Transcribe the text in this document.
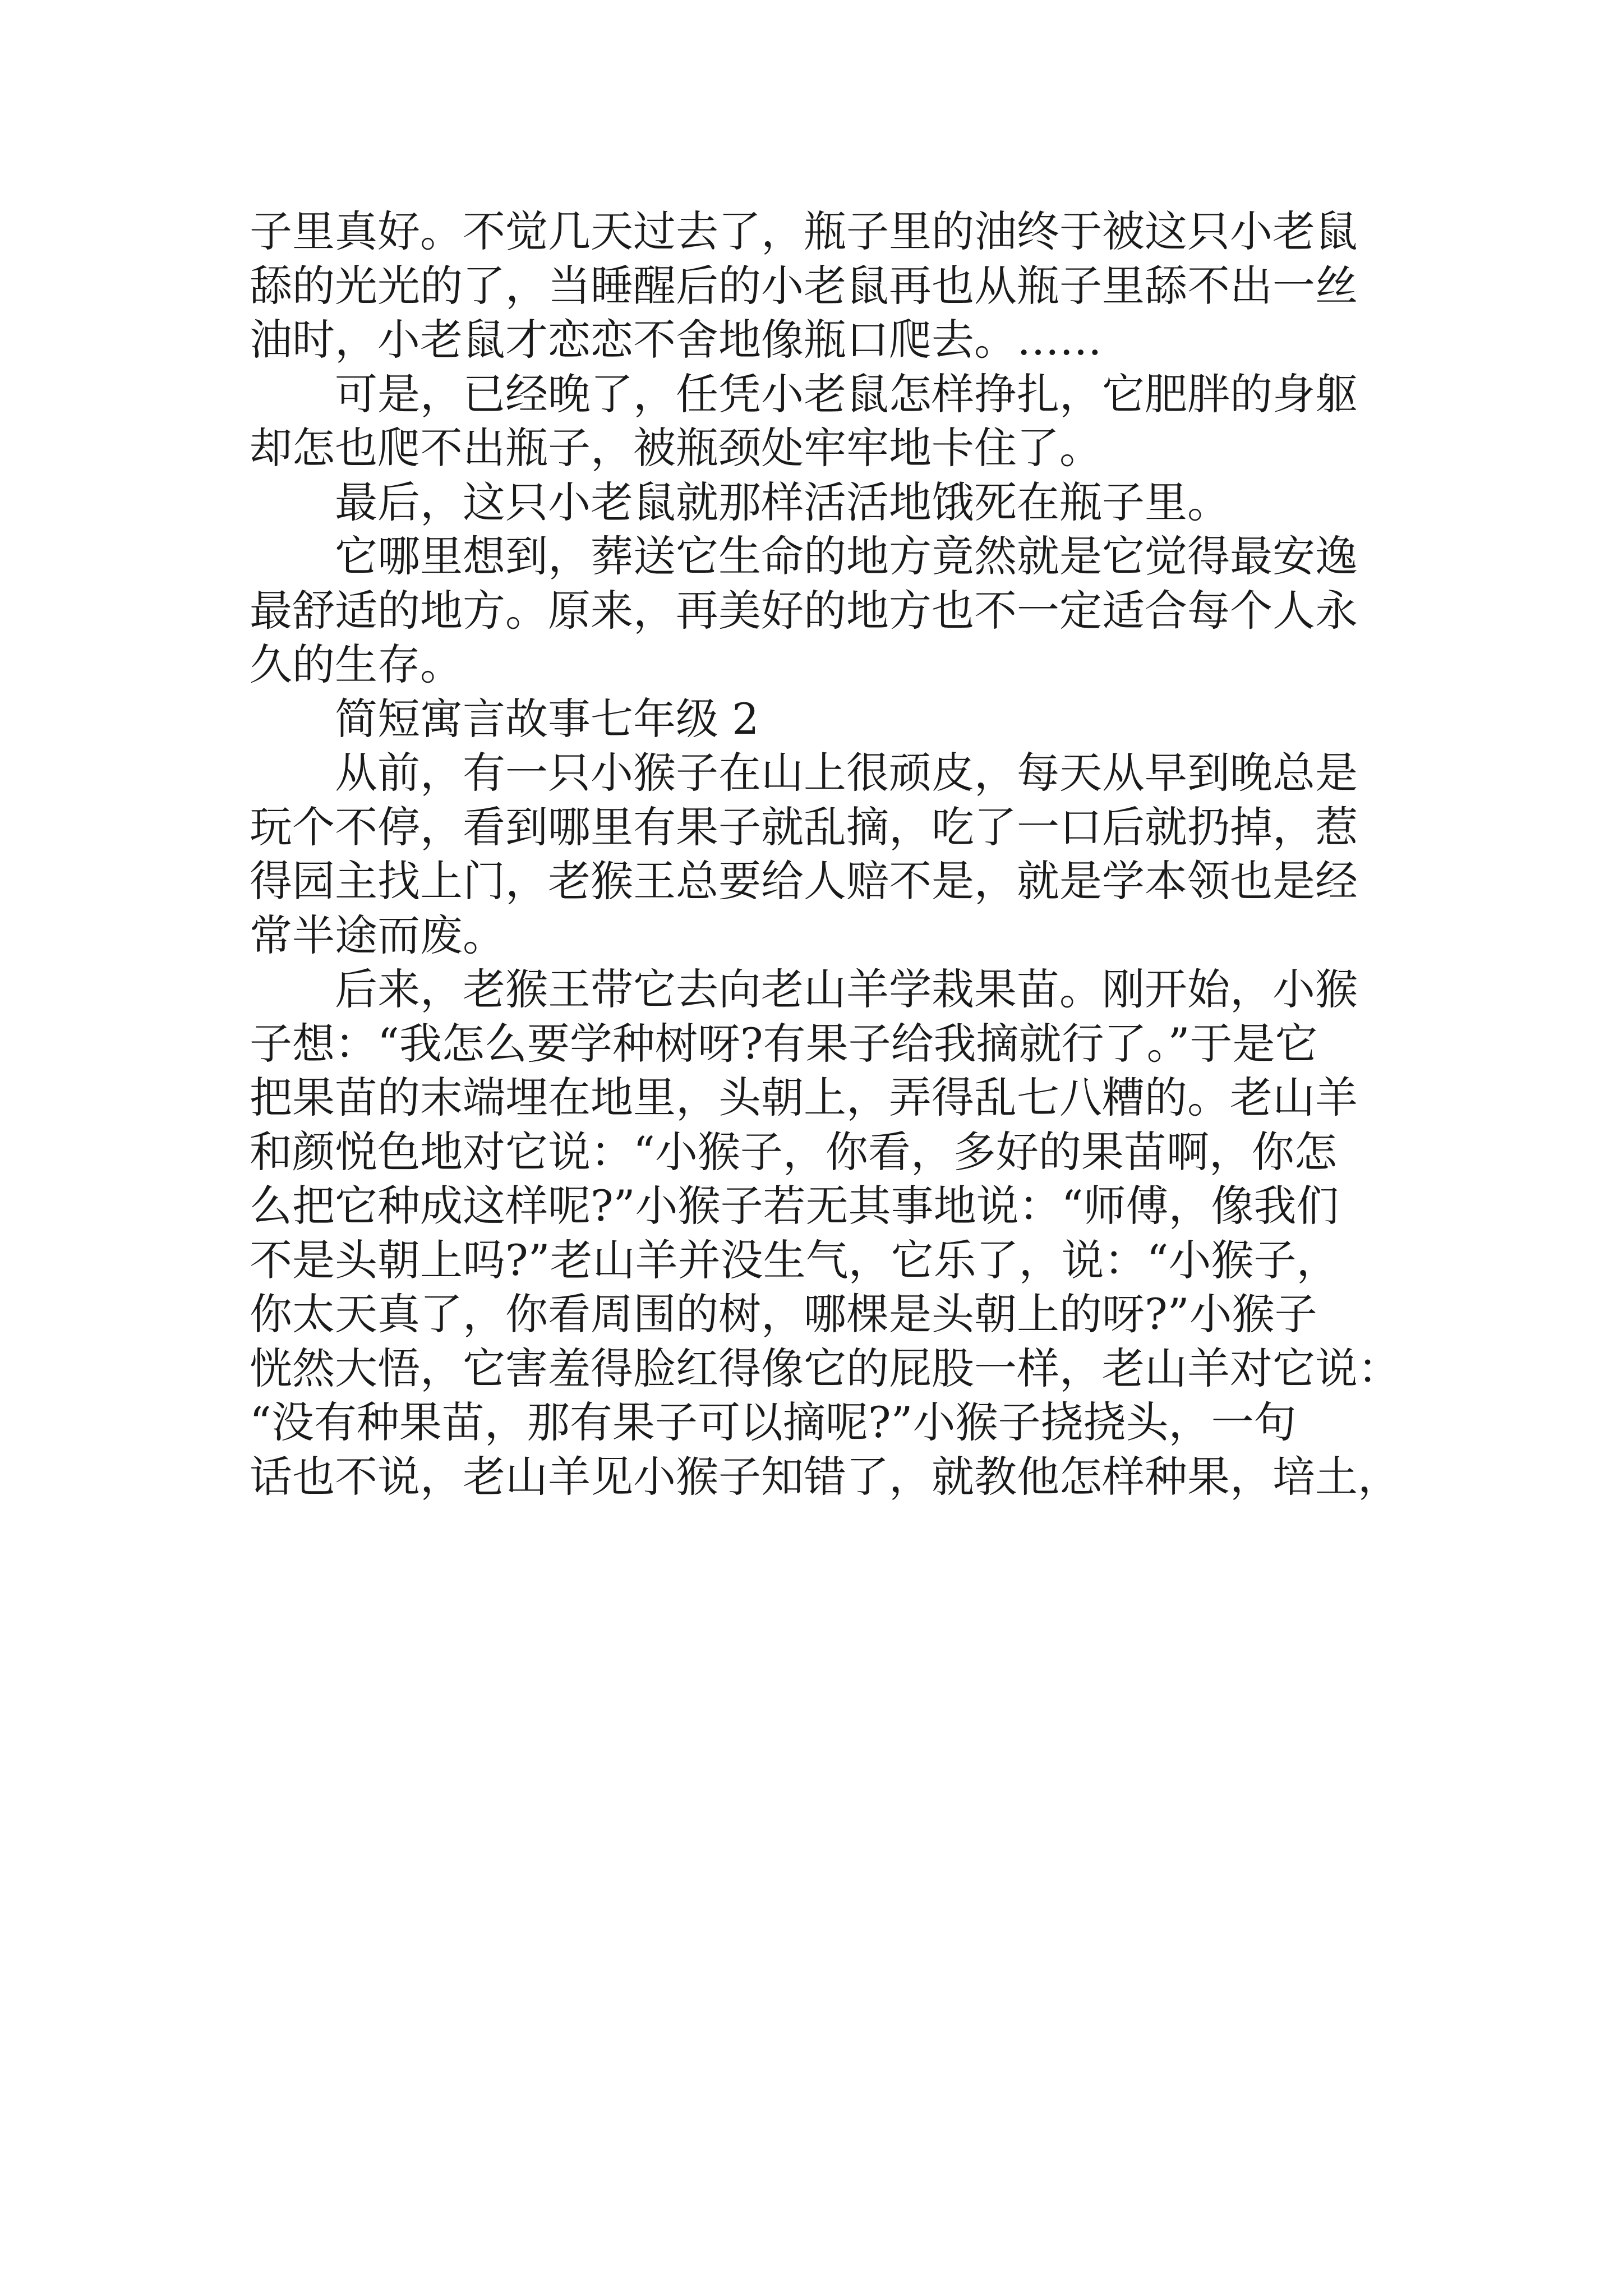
子里真好。不觉几天过去了，瓶子里的油终于被这只小老鼠
舔的光光的了，当睡醒后的小老鼠再也从瓶子里舔不出一丝
油时，小老鼠才恋恋不舍地像瓶口爬去。……
可是，已经晚了，任凭小老鼠怎样挣扎，它肥胖的身躯
却怎也爬不出瓶子，被瓶颈处牢牢地卡住了。
最后，这只小老鼠就那样活活地饿死在瓶子里。
它哪里想到，葬送它生命的地方竟然就是它觉得最安逸
最舒适的地方。原来，再美好的地方也不一定适合每个人永
久的生存。
简短寓言故事七年级 2
从前，有一只小猴子在山上很顽皮，每天从早到晚总是
玩个不停，看到哪里有果子就乱摘，吃了一口后就扔掉，惹
得园主找上门，老猴王总要给人赔不是，就是学本领也是经
常半途而废。
后来，老猴王带它去向老山羊学栽果苗。刚开始，小猴
子想：“我怎么要学种树呀?有果子给我摘就行了。”于是它
把果苗的末端埋在地里，头朝上，弄得乱七八糟的。老山羊
和颜悦色地对它说：“小猴子，你看，多好的果苗啊，你怎
么把它种成这样呢?”小猴子若无其事地说：“师傅，像我们
不是头朝上吗?”老山羊并没生气，它乐了，说：“小猴子，
你太天真了，你看周围的树，哪棵是头朝上的呀?”小猴子
恍然大悟，它害羞得脸红得像它的屁股一样，老山羊对它说：
“没有种果苗，那有果子可以摘呢?”小猴子挠挠头，一句
话也不说，老山羊见小猴子知错了，就教他怎样种果，培土，
